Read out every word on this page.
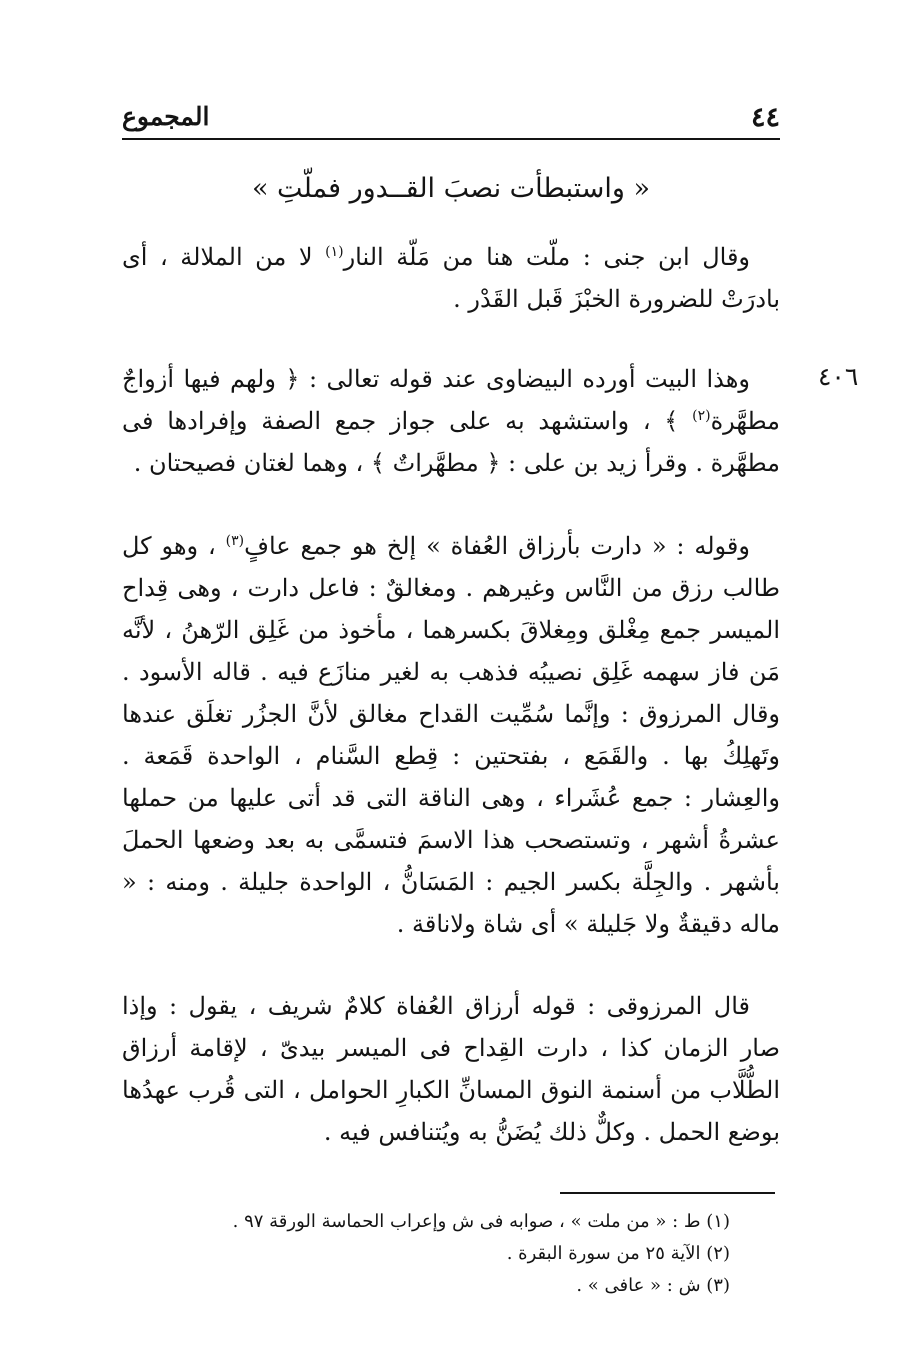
٤٤
المجموع
« واستبطأت نصبَ القــدور فملّتِ »

وقال ابن جنى : ملّت هنا من مَلّة النار$^{(١)}$ لا من الملالة ، أى بادرَتْ للضرورة الخبْزَ قَبل القَدْر .

٤٠٦

وهذا البيت أورده البيضاوى عند قوله تعالى : ﴿ ولهم فيها أزواجٌ مطهَّرة$^{(٢)}$ ﴾ ، واستشهد به على جواز جمع الصفة وإفرادها فى مطهَّرة . وقرأ زيد بن على : ﴿ مطهَّراتٌ ﴾ ، وهما لغتان فصيحتان .

وقوله : « دارت بأرزاق العُفاة » إلخ هو جمع عافٍ$^{(٣)}$ ، وهو كل طالب رزق من النَّاس وغيرهم . ومغالقٌ : فاعل دارت ، وهى قِداح الميسر جمع مِغْلق ومِغلاقَ بكسرهما ، مأخوذ من غَلِق الرّهنُ ، لأنَّه مَن فاز سهمه غَلِق نصيبُه فذهب به لغير منازَع فيه . قاله الأسود . وقال المرزوق : وإنَّما سُمِّيت القداح مغالق لأنَّ الجزُر تغلَق عندها وتَهلِكُ بها . والقَمَع ، بفتحتين : قِطع السَّنام ، الواحدة قَمَعة . والعِشار : جمع عُشَراء ، وهى الناقة التى قد أتى عليها من حملها عشرةُ أشهر ، وتستصحب هذا الاسمَ فتسمَّى به بعد وضعها الحملَ بأشهر . والجِلَّة بكسر الجيم : المَسَانُّ ، الواحدة جليلة . ومنه : « ماله دقيقةٌ ولا جَليلة » أى شاة ولاناقة .

قال المرزوقى : قوله أرزاق العُفاة كلامٌ شريف ، يقول : وإذا صار الزمان كذا ، دارت القِداح فى الميسر بيدىّ ، لإقامة أرزاق الطُّلَّاب من أسنمة النوق المسانِّ الكبارِ الحوامل ، التى قُرب عهدُها بوضع الحمل . وكلٌّ ذلك يُضَنُّ به ويُتنافس فيه .

(١) ط : « من ملت » ، صوابه فى ش وإعراب الحماسة الورقة ٩٧ .
(٢) الآية ٢٥ من سورة البقرة .
(٣) ش : « عافى » .
